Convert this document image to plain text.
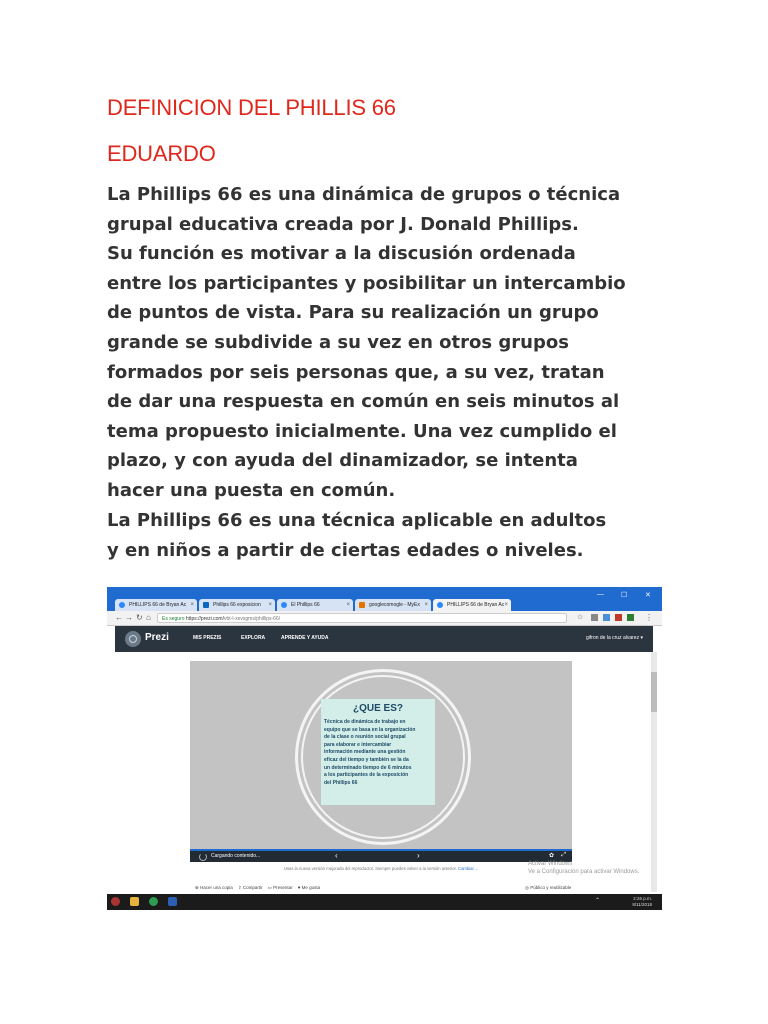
DEFINICION DEL PHILLIS 66
EDUARDO
La Phillips 66 es una dinámica de grupos o técnica
grupal educativa creada por J. Donald Phillips.
Su función es motivar a la discusión ordenada
entre los participantes y posibilitar un intercambio
de puntos de vista. Para su realización un grupo
grande se subdivide a su vez en otros grupos
formados por seis personas que, a su vez, tratan
de dar una respuesta en común en seis minutos al
tema propuesto inicialmente. Una vez cumplido el
plazo, y con ayuda del dinamizador, se intenta
hacer una puesta en común.
La Phillips 66 es una técnica aplicable en adultos
y en niños a partir de ciertas edades o niveles.
PHILLIPS 66 de Bryan Ac ×	Phillips 66 exposicion ×	El Phillips 66	×	googlecomogle - MyEx ×	PHILLIPS 66 de Bryan Ac ×
— ☐	✕
← → ↻ ⌂	Es seguro https://prezi.com/vbt-l-xevxgms/phillips-66/	☆	⋮
Prezi	MIS PREZIS	EXPLORA	APRENDE Y AYUDA	gifron de la cruz alvarez ▾
¿QUE ES?
Técnica de dinámica de trabajo en
equipo que se basa en la organización
de la clase o reunión social grupal
para elaborar e intercambiar
información mediante una gestión
eficaz del tiempo y también se la da
un determinado tiempo de 6 minutos
a los participantes de la exposición
del Phillips 66
Cargando contenido...	‹	›	✿ ⤢
Usas la nueva versión mejorada del reproductor. Siempre puedes volver a la versión anterior. Cambiar→
Activar Windows
Ve a Configuración para activar Windows.
⊕ Hacer una copia ⇪ Compartir ▭ Presentar ♥ Me gusta	◎ Público y reutilizable
⌃	2:26 p.m.
8/11/2018
